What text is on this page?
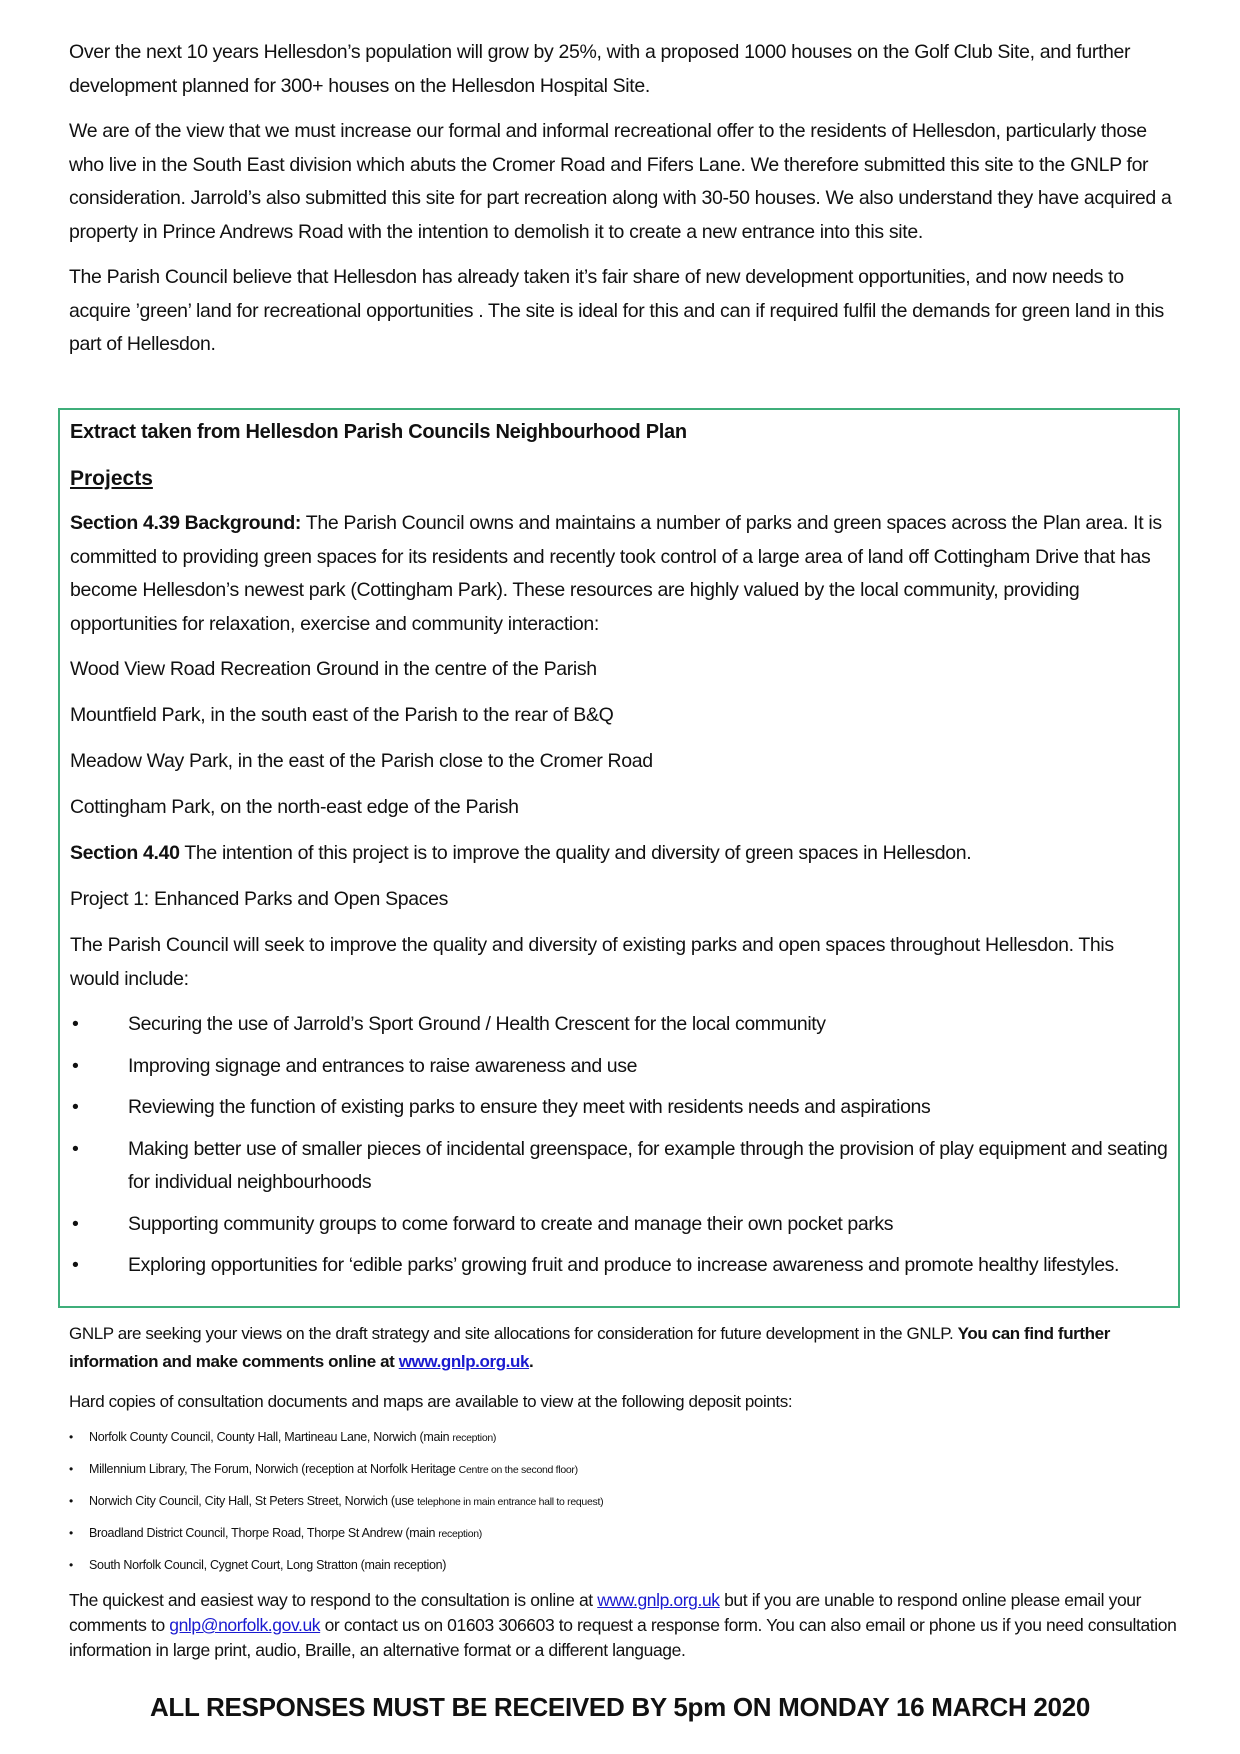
Over the next 10 years Hellesdon’s population will grow by 25%, with a proposed 1000 houses on the Golf Club Site, and further development planned for 300+ houses on the Hellesdon Hospital Site.

We are of the view that we must increase our formal and informal recreational offer to the residents of Hellesdon, particularly those who live in the South East division which abuts the Cromer Road and Fifers Lane. We therefore submitted this site to the GNLP for consideration. Jarrold’s also submitted this site for part recreation along with 30-50 houses. We also understand they have acquired a property in Prince Andrews Road with the intention to demolish it to create a new entrance into this site.

The Parish Council believe that Hellesdon has already taken it’s fair share of new development opportunities, and now needs to acquire ’green’ land for recreational opportunities . The site is ideal for this and can if required fulfil the demands for green land in this part of Hellesdon.

Extract taken from Hellesdon Parish Councils Neighbourhood Plan

Projects

Section 4.39 Background: The Parish Council owns and maintains a number of parks and green spaces across the Plan area. It is committed to providing green spaces for its residents and recently took control of a large area of land off Cottingham Drive that has become Hellesdon’s newest park (Cottingham Park). These resources are highly valued by the local community, providing opportunities for relaxation, exercise and community interaction:

Wood View Road Recreation Ground in the centre of the Parish

Mountfield Park, in the south east of the Parish to the rear of B&Q

Meadow Way Park, in the east of the Parish close to the Cromer Road

Cottingham Park, on the north-east edge of the Parish

Section 4.40 The intention of this project is to improve the quality and diversity of green spaces in Hellesdon.

Project 1: Enhanced Parks and Open Spaces

The Parish Council will seek to improve the quality and diversity of existing parks and open spaces throughout Hellesdon. This would include:

•	Securing the use of Jarrold’s Sport Ground / Health Crescent for the local community
•	Improving signage and entrances to raise awareness and use
•	Reviewing the function of existing parks to ensure they meet with residents needs and aspirations
•	Making better use of smaller pieces of incidental greenspace, for example through the provision of play equipment and seating for individual neighbourhoods
•	Supporting community groups to come forward to create and manage their own pocket parks
•	Exploring opportunities for ‘edible parks’ growing fruit and produce to increase awareness and promote healthy lifestyles.

GNLP are seeking your views on the draft strategy and site allocations for consideration for future development in the GNLP. You can find further information and make comments online at www.gnlp.org.uk.

Hard copies of consultation documents and maps are available to view at the following deposit points:

• Norfolk County Council, County Hall, Martineau Lane, Norwich (main reception)
• Millennium Library, The Forum, Norwich (reception at Norfolk Heritage Centre on the second floor)
• Norwich City Council, City Hall, St Peters Street, Norwich (use telephone in main entrance hall to request)
• Broadland District Council, Thorpe Road, Thorpe St Andrew (main reception)
• South Norfolk Council, Cygnet Court, Long Stratton (main reception)

The quickest and easiest way to respond to the consultation is online at www.gnlp.org.uk but if you are unable to respond online please email your comments to gnlp@norfolk.gov.uk or contact us on 01603 306603 to request a response form. You can also email or phone us if you need consultation information in large print, audio, Braille, an alternative format or a different language.

ALL RESPONSES MUST BE RECEIVED BY 5pm ON MONDAY 16 MARCH 2020
